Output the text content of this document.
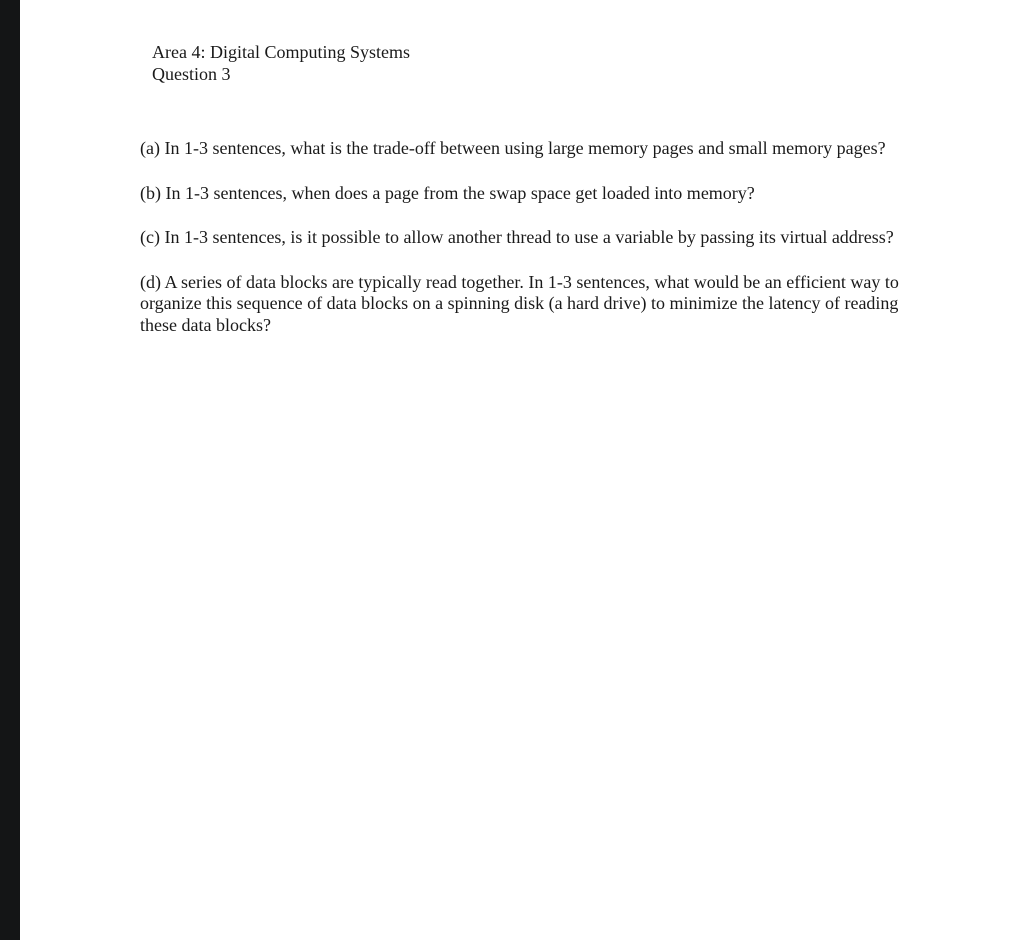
Area 4: Digital Computing Systems
Question 3

(a) In 1-3 sentences, what is the trade-off between using large memory pages and small memory pages?

(b) In 1-3 sentences, when does a page from the swap space get loaded into memory?

(c) In 1-3 sentences, is it possible to allow another thread to use a variable by passing its virtual address?

(d) A series of data blocks are typically read together. In 1-3 sentences, what would be an efficient way to organize this sequence of data blocks on a spinning disk (a hard drive) to minimize the latency of reading these data blocks?
